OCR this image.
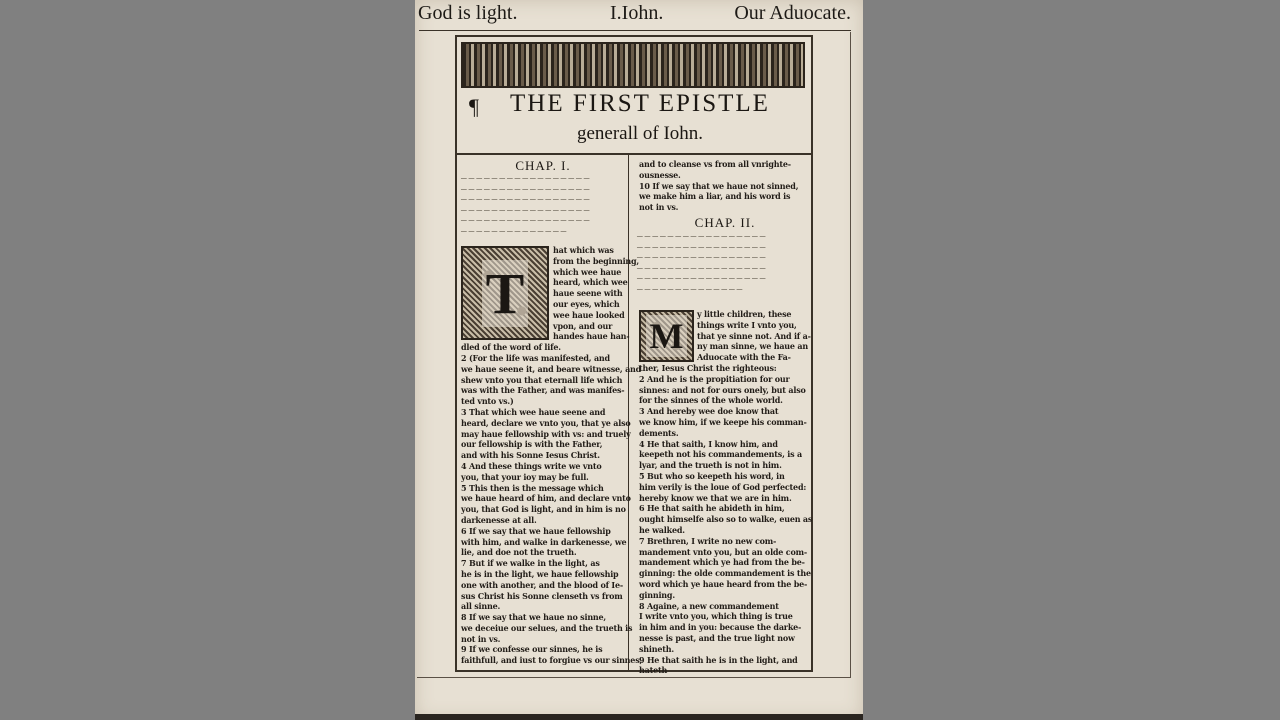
God is light.	I.Iohn.	Our Aduocate.
¶	THE FIRST EPISTLE
generall of Iohn.
CHAP. I.
​─ ─ ─ ─ ─ ─ ─ ─ ─ ─ ─ ─ ─ ─ ─ ─ ─
​─ ─ ─ ─ ─ ─ ─ ─ ─ ─ ─ ─ ─ ─ ─ ─ ─
​─ ─ ─ ─ ─ ─ ─ ─ ─ ─ ─ ─ ─ ─ ─ ─ ─
​─ ─ ─ ─ ─ ─ ─ ─ ─ ─ ─ ─ ─ ─ ─ ─ ─
​─ ─ ─ ─ ─ ─ ─ ─ ─ ─ ─ ─ ─ ─ ─ ─ ─
​─ ─ ─ ─ ─ ─ ─ ─ ─ ─ ─ ─ ─ ─
T
hat which was
from the beginning,
which wee haue
heard, which wee
haue seene with
our eyes, which
wee haue looked
vpon, and our
handes haue han-
dled of the word of life.
2 (For the life was manifested, and
we haue seene it, and beare witnesse, and
shew vnto you that eternall life which
was with the Father, and was manifes-
ted vnto vs.)
3 That which wee haue seene and
heard, declare we vnto you, that ye also
may haue fellowship with vs: and truely
our fellowship is with the Father,
and with his Sonne Iesus Christ.
4 And these things write we vnto
you, that your ioy may be full.
5 This then is the message which
we haue heard of him, and declare vnto
you, that God is light, and in him is no
darkenesse at all.
6 If we say that we haue fellowship
with him, and walke in darkenesse, we
lie, and doe not the trueth.
7 But if we walke in the light, as
he is in the light, we haue fellowship
one with another, and the blood of Ie-
sus Christ his Sonne clenseth vs from
all sinne.
8 If we say that we haue no sinne,
we deceiue our selues, and the trueth is
not in vs.
9 If we confesse our sinnes, he is
faithfull, and iust to forgiue vs our sinnes,
and to cleanse vs from all vnrighte-
ousnesse.
10 If we say that we haue not sinned,
we make him a liar, and his word is
not in vs.
CHAP. II.
​─ ─ ─ ─ ─ ─ ─ ─ ─ ─ ─ ─ ─ ─ ─ ─ ─
​─ ─ ─ ─ ─ ─ ─ ─ ─ ─ ─ ─ ─ ─ ─ ─ ─
​─ ─ ─ ─ ─ ─ ─ ─ ─ ─ ─ ─ ─ ─ ─ ─ ─
​─ ─ ─ ─ ─ ─ ─ ─ ─ ─ ─ ─ ─ ─ ─ ─ ─
​─ ─ ─ ─ ─ ─ ─ ─ ─ ─ ─ ─ ─ ─ ─ ─ ─
​─ ─ ─ ─ ─ ─ ─ ─ ─ ─ ─ ─ ─ ─
M
y little children, these
things write I vnto you,
that ye sinne not. And if a-
ny man sinne, we haue an
Aduocate with the Fa-
ther, Iesus Christ the righteous:
2 And he is the propitiation for our
sinnes: and not for ours onely, but also
for the sinnes of the whole world.
3 And hereby wee doe know that
we know him, if we keepe his comman-
dements.
4 He that saith, I know him, and
keepeth not his commandements, is a
lyar, and the trueth is not in him.
5 But who so keepeth his word, in
him verily is the loue of God perfected:
hereby know we that we are in him.
6 He that saith he abideth in him,
ought himselfe also so to walke, euen as
he walked.
7 Brethren, I write no new com-
mandement vnto you, but an olde com-
mandement which ye had from the be-
ginning: the olde commandement is the
word which ye haue heard from the be-
ginning.
8 Againe, a new commandement
I write vnto you, which thing is true
in him and in you: because the darke-
nesse is past, and the true light now
shineth.
9 He that saith he is in the light, and
hateth
